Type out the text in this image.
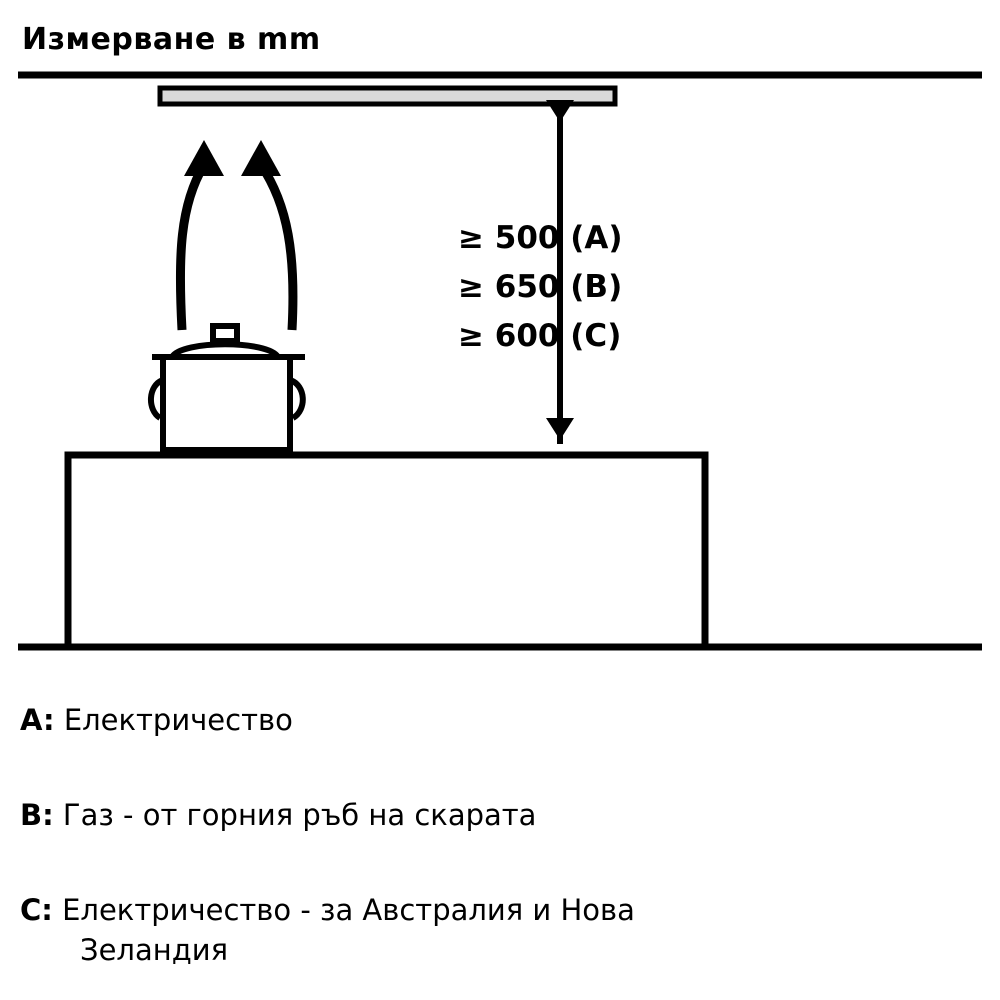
Измерване в mm
≥ 500 (A)
≥ 650 (B)
≥ 600 (C)
A: Електричество
B: Газ - от горния ръб на скарата
C: Електричество - за Австралия и Нова
Зеландия
